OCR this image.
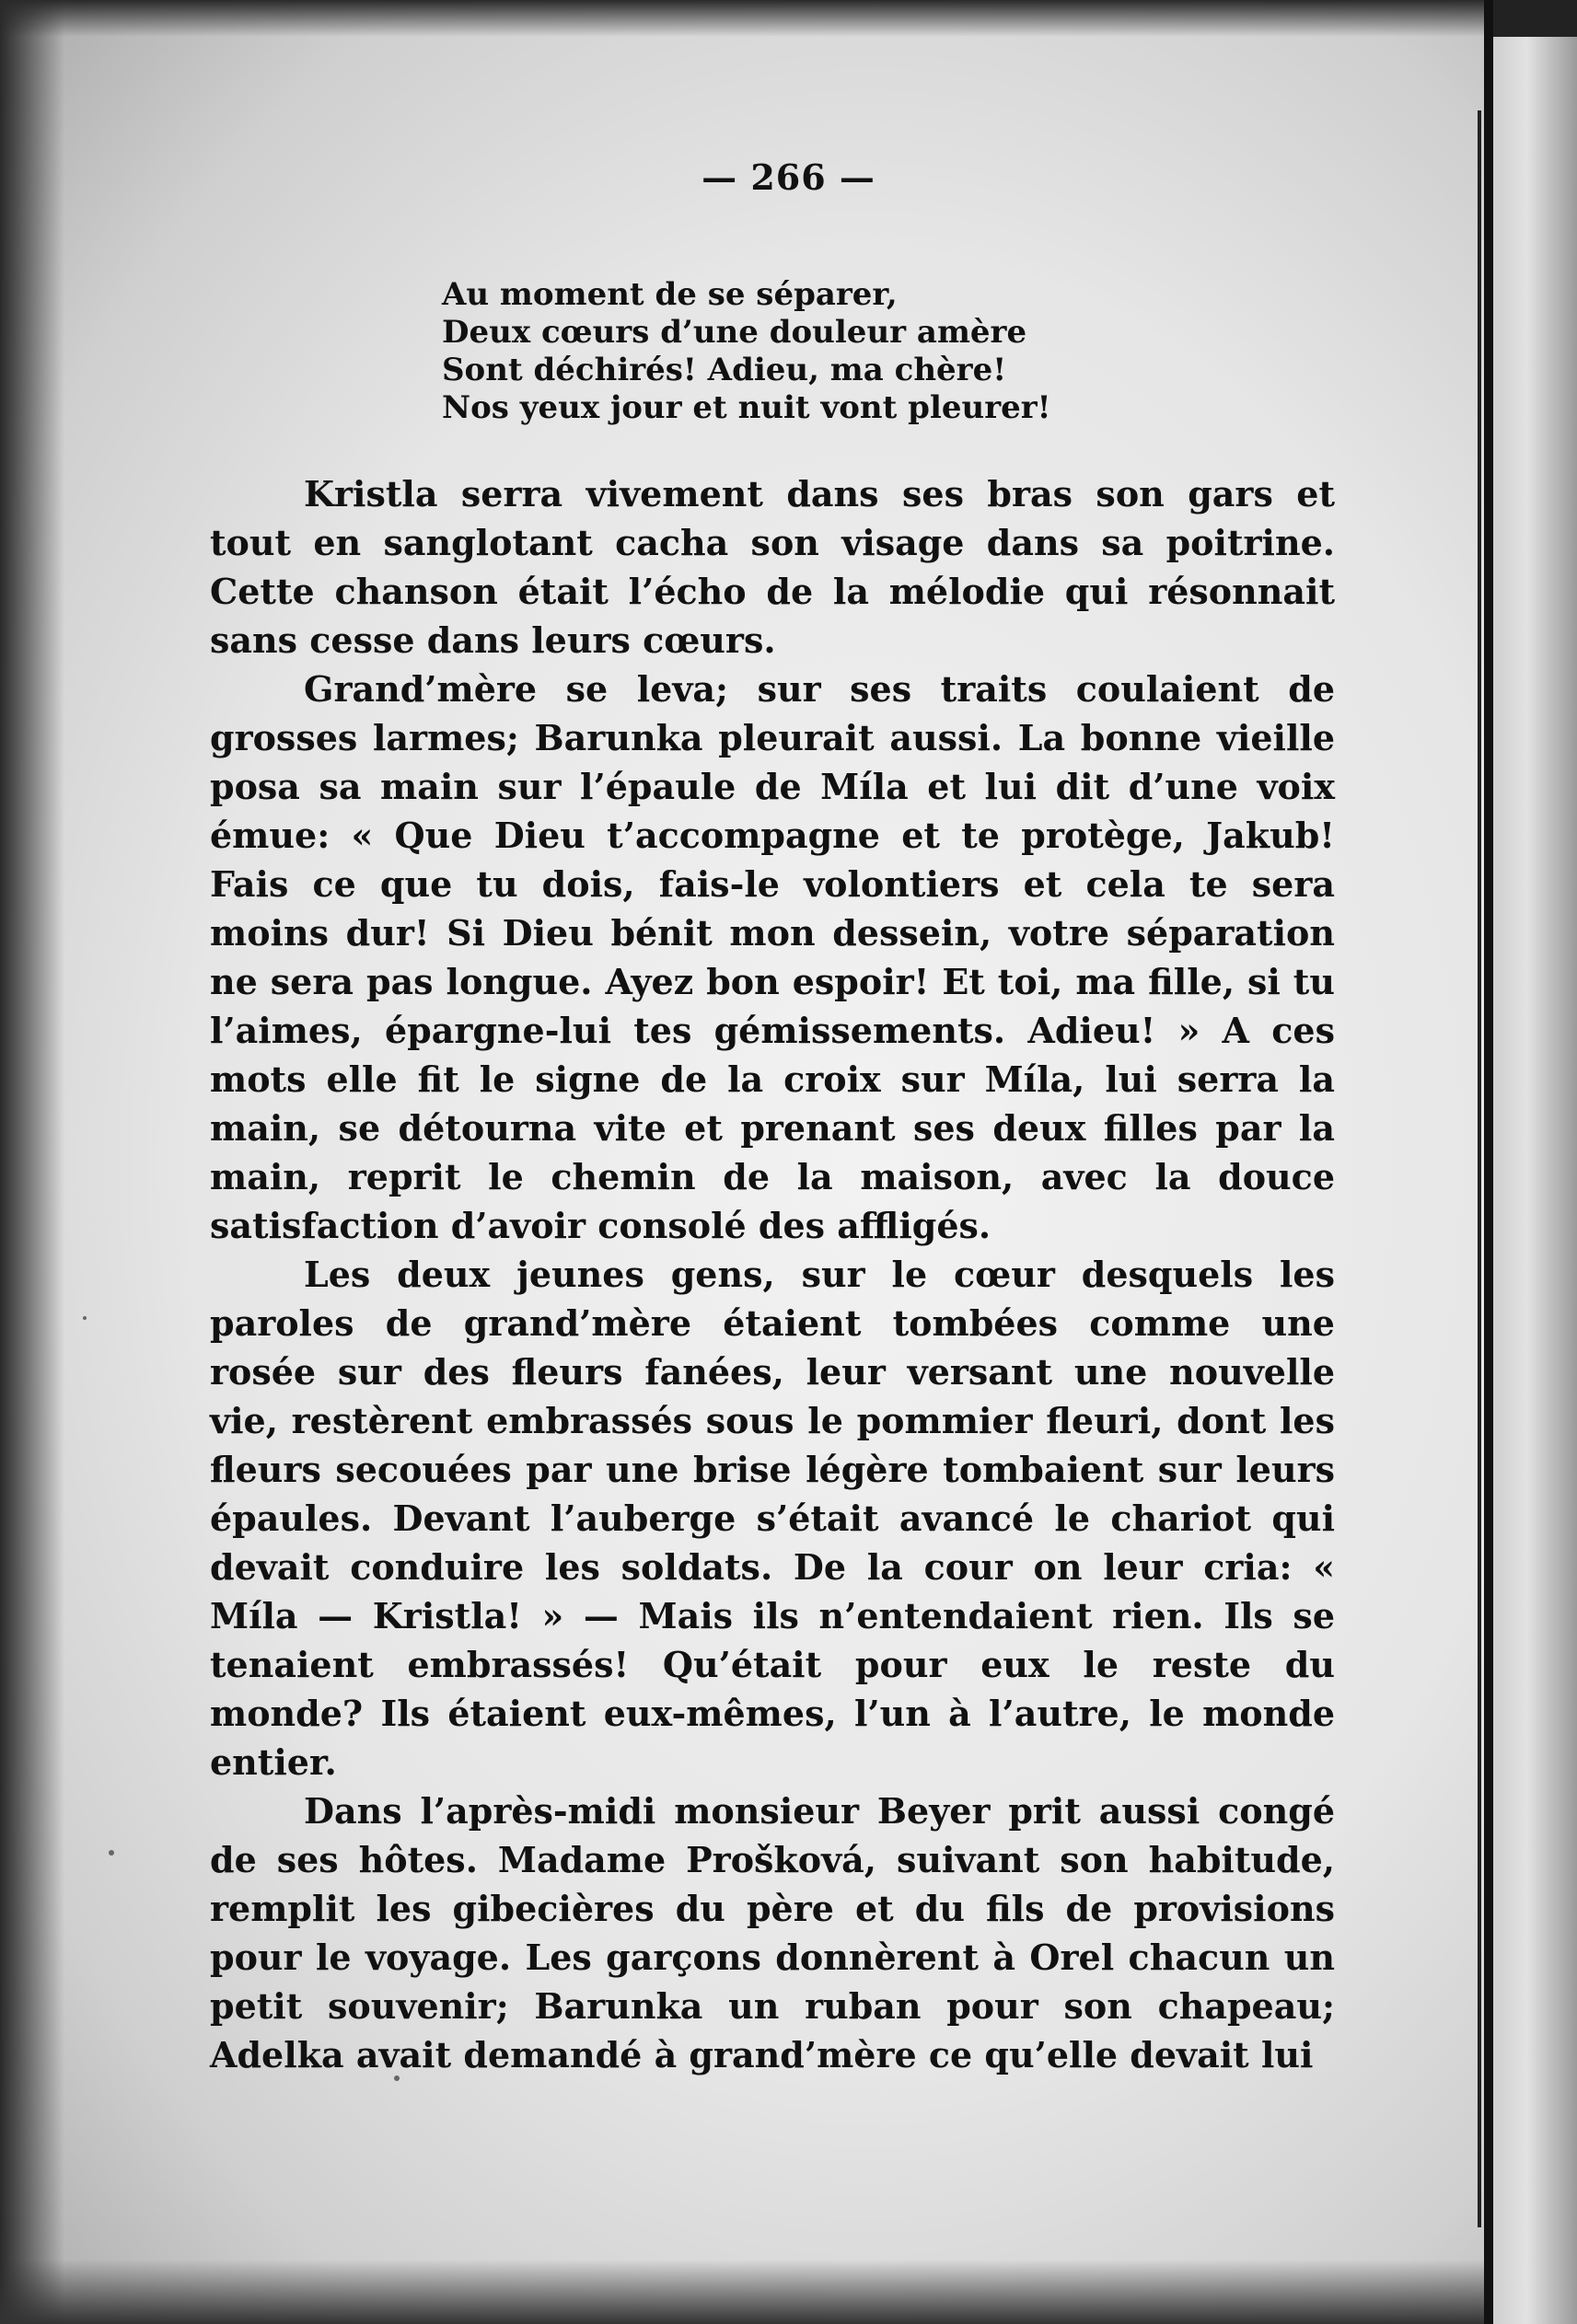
— 266 —
Au moment de se séparer,
Deux cœurs d’une douleur amère
Sont déchirés! Adieu, ma chère!
Nos yeux jour et nuit vont pleurer!

Kristla serra vivement dans ses bras son gars et tout en sanglotant cacha son visage dans sa poitrine. Cette chanson était l’écho de la mélodie qui résonnait sans cesse dans leurs cœurs.

Grand’mère se leva; sur ses traits coulaient de grosses larmes; Barunka pleurait aussi. La bonne vieille posa sa main sur l’épaule de Míla et lui dit d’une voix émue: « Que Dieu t’accompagne et te protège, Jakub! Fais ce que tu dois, fais-le volontiers et cela te sera moins dur! Si Dieu bénit mon dessein, votre séparation ne sera pas longue. Ayez bon espoir! Et toi, ma fille, si tu l’aimes, épargne-lui tes gémissements. Adieu! » A ces mots elle fit le signe de la croix sur Míla, lui serra la main, se détourna vite et prenant ses deux filles par la main, reprit le chemin de la maison, avec la douce satisfaction d’avoir consolé des affligés.

Les deux jeunes gens, sur le cœur desquels les paroles de grand’mère étaient tombées comme une rosée sur des fleurs fanées, leur versant une nouvelle vie, restèrent embrassés sous le pommier fleuri, dont les fleurs secouées par une brise légère tombaient sur leurs épaules. Devant l’auberge s’était avancé le chariot qui devait conduire les soldats. De la cour on leur cria: « Míla — Kristla! » — Mais ils n’entendaient rien. Ils se tenaient embrassés! Qu’était pour eux le reste du monde? Ils étaient eux-mêmes, l’un à l’autre, le monde entier.

Dans l’après-midi monsieur Beyer prit aussi congé de ses hôtes. Madame Prošková, suivant son habitude, remplit les gibecières du père et du fils de provisions pour le voyage. Les garçons donnèrent à Orel chacun un petit souvenir; Barunka un ruban pour son chapeau; Adelka avait demandé à grand’mère ce qu’elle devait lui
